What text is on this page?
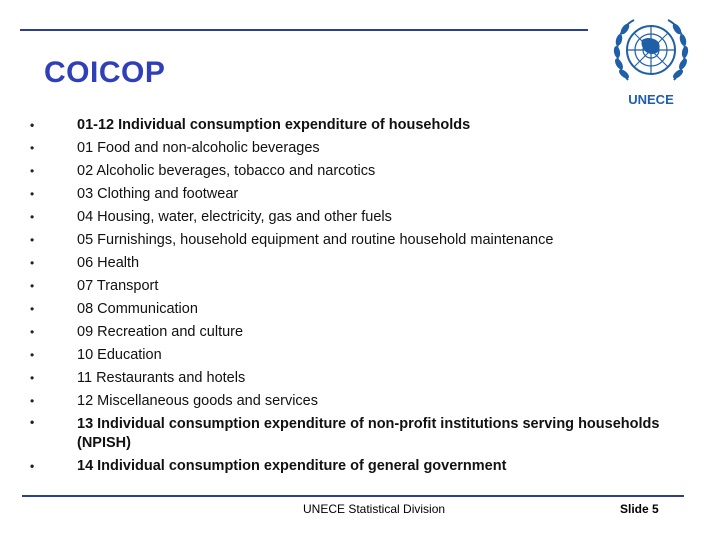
COICOP
UNECE
•	01-12 Individual consumption expenditure of households
•	01 Food and non-alcoholic beverages
•	02 Alcoholic beverages, tobacco and narcotics
•	03 Clothing and footwear
•	04 Housing, water, electricity, gas and other fuels
•	05 Furnishings, household equipment and routine household maintenance
•	06 Health
•	07 Transport
•	08 Communication
•	09 Recreation and culture
•	10 Education
•	11 Restaurants and hotels
•	12 Miscellaneous goods and services
•	13 Individual consumption expenditure of non-profit institutions serving households (NPISH)
•	14 Individual consumption expenditure of general government
UNECE Statistical Division	Slide 5
